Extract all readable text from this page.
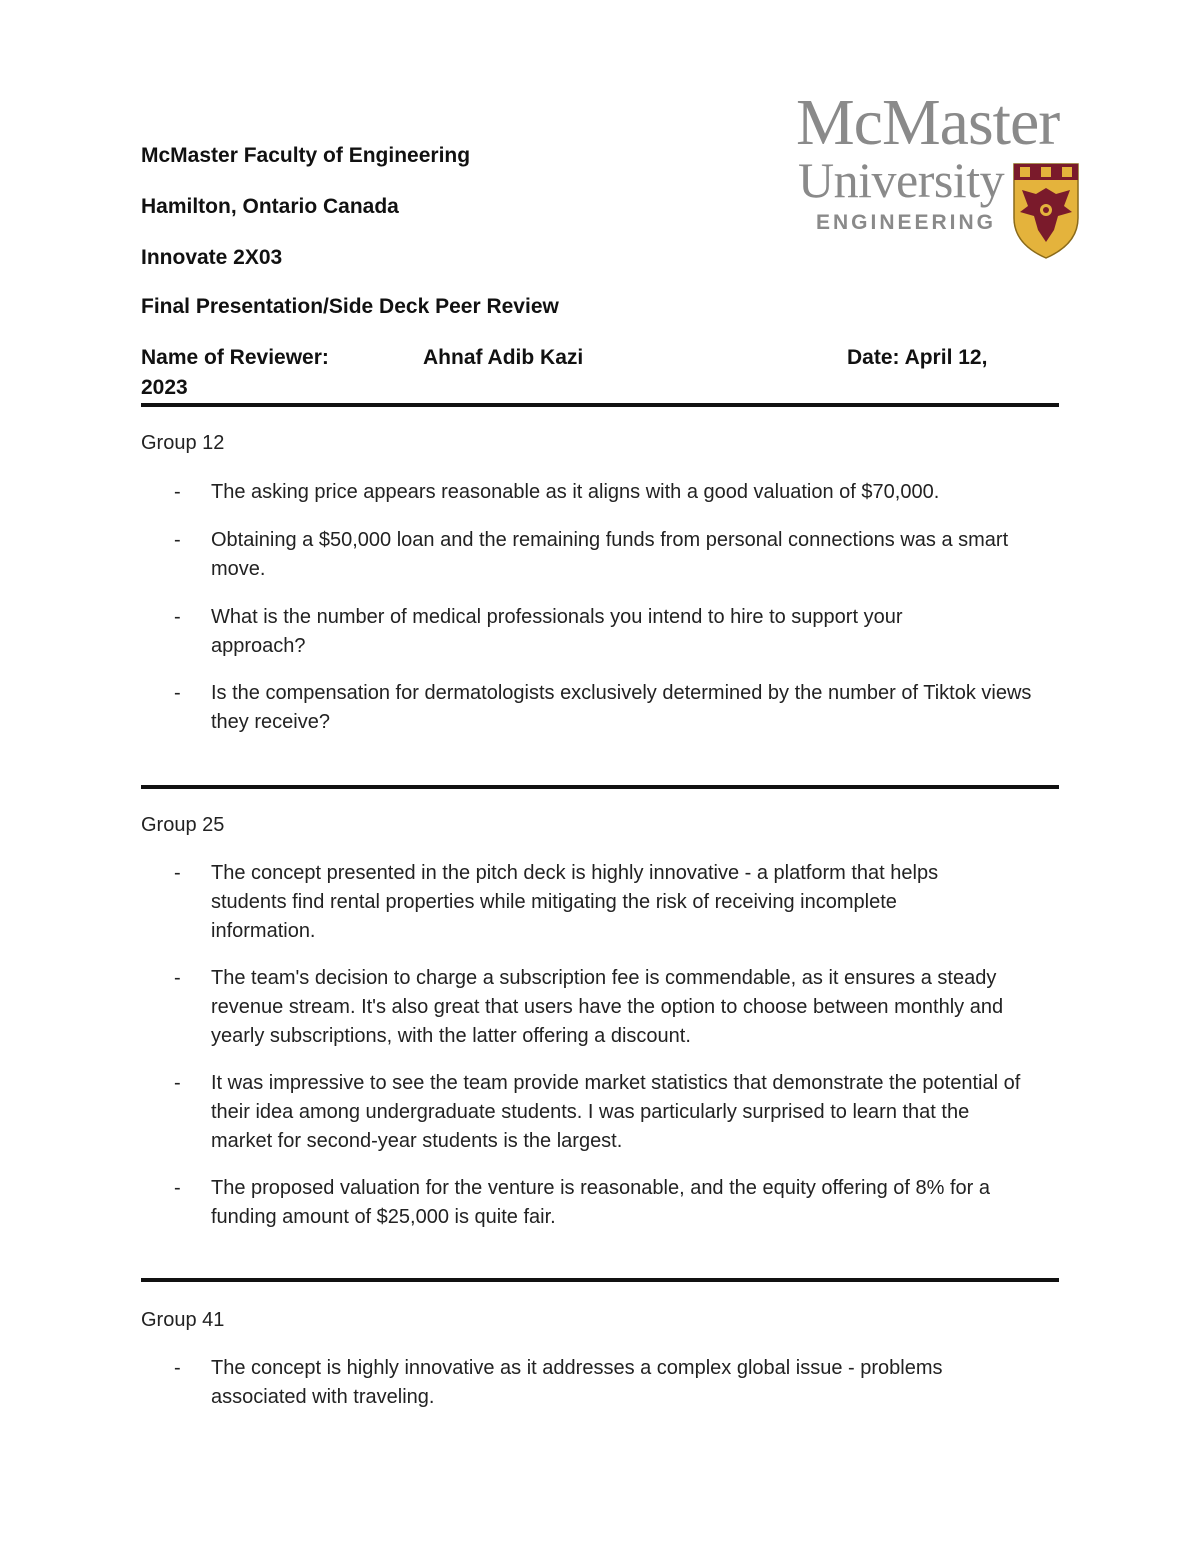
McMaster Faculty of Engineering
Hamilton, Ontario Canada
Innovate 2X03
Final Presentation/Side Deck Peer Review
Name of Reviewer:	Ahnaf Adib Kazi	Date: April 12,
2023
McMaster
University
ENGINEERING
Group 12
- The asking price appears reasonable as it aligns with a good valuation of $70,000.
- Obtaining a $50,000 loan and the remaining funds from personal connections was a smart move.
- What is the number of medical professionals you intend to hire to support your approach?
- Is the compensation for dermatologists exclusively determined by the number of Tiktok views they receive?
Group 25
- The concept presented in the pitch deck is highly innovative - a platform that helps students find rental properties while mitigating the risk of receiving incomplete information.
- The team's decision to charge a subscription fee is commendable, as it ensures a steady revenue stream. It's also great that users have the option to choose between monthly and yearly subscriptions, with the latter offering a discount.
- It was impressive to see the team provide market statistics that demonstrate the potential of their idea among undergraduate students. I was particularly surprised to learn that the market for second-year students is the largest.
- The proposed valuation for the venture is reasonable, and the equity offering of 8% for a funding amount of $25,000 is quite fair.
Group 41
- The concept is highly innovative as it addresses a complex global issue - problems associated with traveling.
